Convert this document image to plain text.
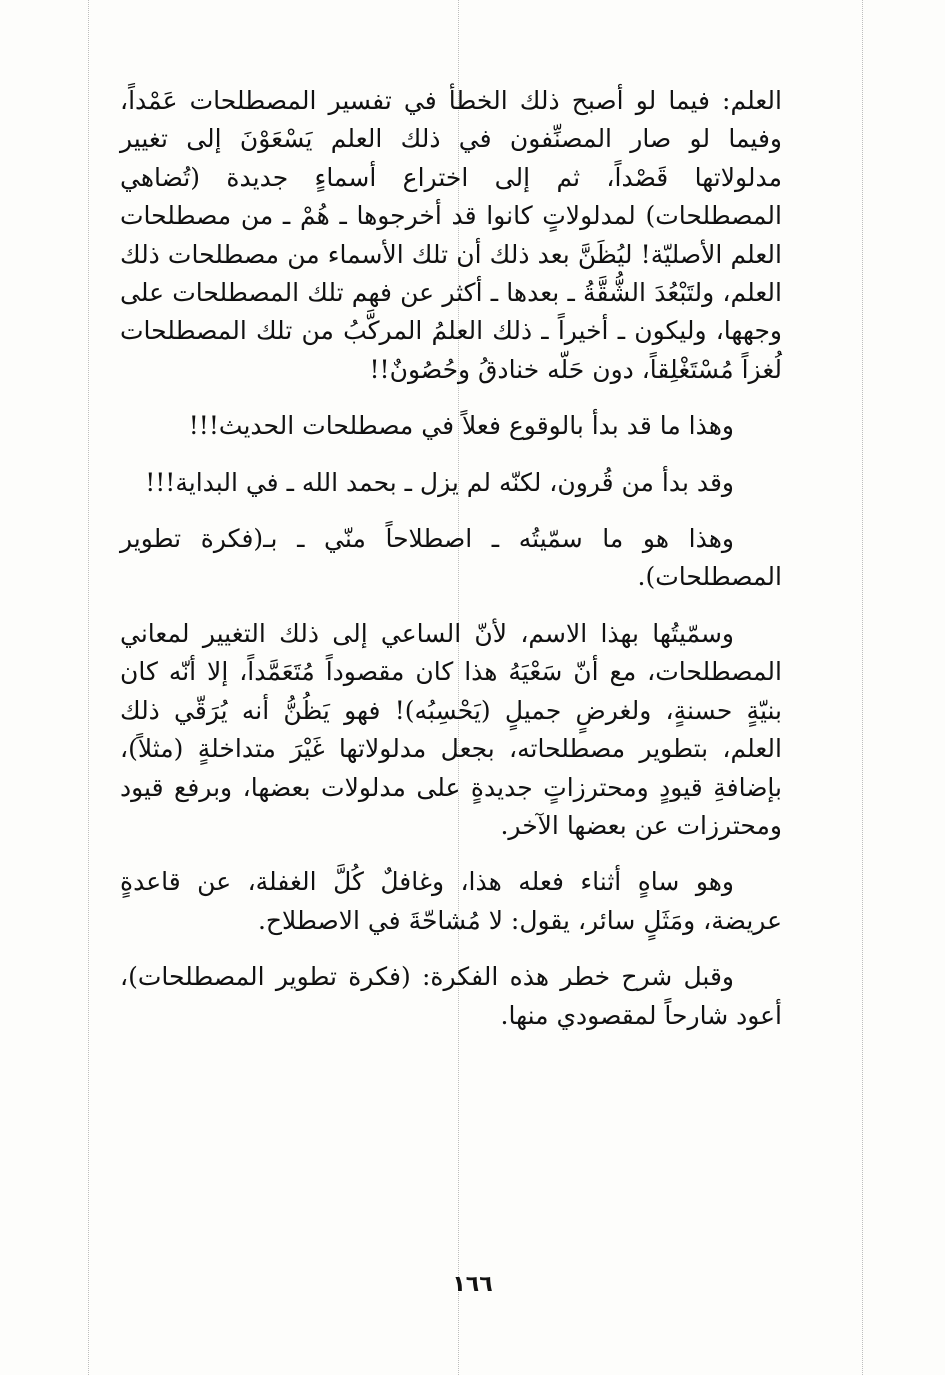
العلم: فيما لو أصبح ذلك الخطأ في تفسير المصطلحات عَمْداً، وفيما لو صار المصنِّفون في ذلك العلم يَسْعَوْنَ إلى تغيير مدلولاتها قَصْداً، ثم إلى اختراع أسماءٍ جديدة (تُضاهي المصطلحات) لمدلولاتٍ كانوا قد أخرجوها ـ هُمْ ـ من مصطلحات العلم الأصليّة! ليُظَنَّ بعد ذلك أن تلك الأسماء من مصطلحات ذلك العلم، ولتَبْعُدَ الشُّقَّةُ ـ بعدها ـ أكثر عن فهم تلك المصطلحات على وجهها، وليكون ـ أخيراً ـ ذلك العلمُ المركَّبُ من تلك المصطلحات لُغزاً مُسْتَغْلِقاً، دون حَلّه خنادقُ وحُصُونٌ!!

وهذا ما قد بدأ بالوقوع فعلاً في مصطلحات الحديث!!!

وقد بدأ من قُرون، لكنّه لم يزل ـ بحمد الله ـ في البداية!!!

وهذا هو ما سمّيتُه ـ اصطلاحاً منّي ـ بـ(فكرة تطوير المصطلحات).

وسمّيتُها بهذا الاسم، لأنّ الساعي إلى ذلك التغيير لمعاني المصطلحات، مع أنّ سَعْيَهُ هذا كان مقصوداً مُتَعَمَّداً، إلا أنّه كان بنيّةٍ حسنةٍ، ولغرضٍ جميلٍ (يَحْسِبُه)! فهو يَظُنُّ أنه يُرَقّي ذلك العلم، بتطوير مصطلحاته، بجعل مدلولاتها غَيْرَ متداخلةٍ (مثلاً)، بإضافةِ قيودٍ ومحترزاتٍ جديدةٍ على مدلولات بعضها، وبرفع قيود ومحترزات عن بعضها الآخر.

وهو ساهٍ أثناء فعله هذا، وغافلٌ كُلَّ الغفلة، عن قاعدةٍ عريضة، ومَثَلٍ سائر، يقول: لا مُشاحّةَ في الاصطلاح.

وقبل شرح خطر هذه الفكرة: (فكرة تطوير المصطلحات)، أعود شارحاً لمقصودي منها.

١٦٦
